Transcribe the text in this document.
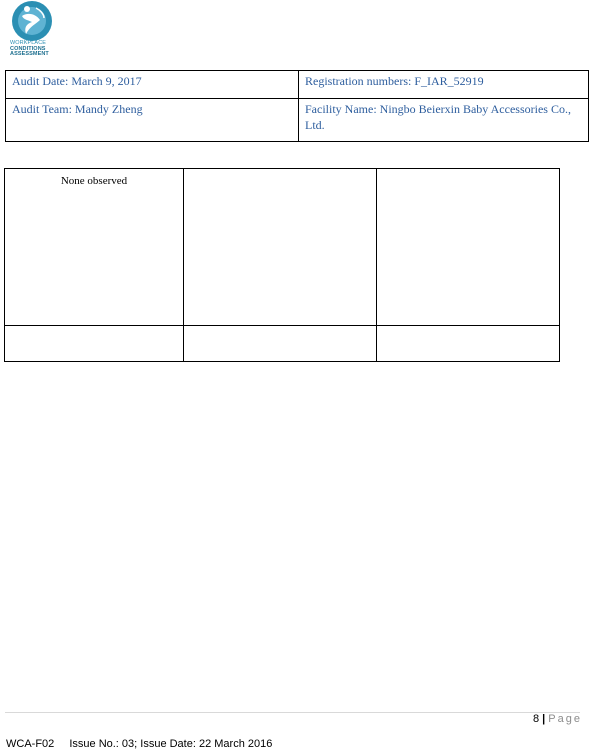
WORKPLACE
CONDITIONS
ASSESSMENT
Audit Date: March 9, 2017	Registration numbers: F_IAR_52919
Audit Team: Mandy Zheng	Facility Name: Ningbo Beierxin Baby Accessories Co., Ltd.
None observed		

8 | Page
WCA-F02 Issue No.: 03; Issue Date: 22 March 2016
